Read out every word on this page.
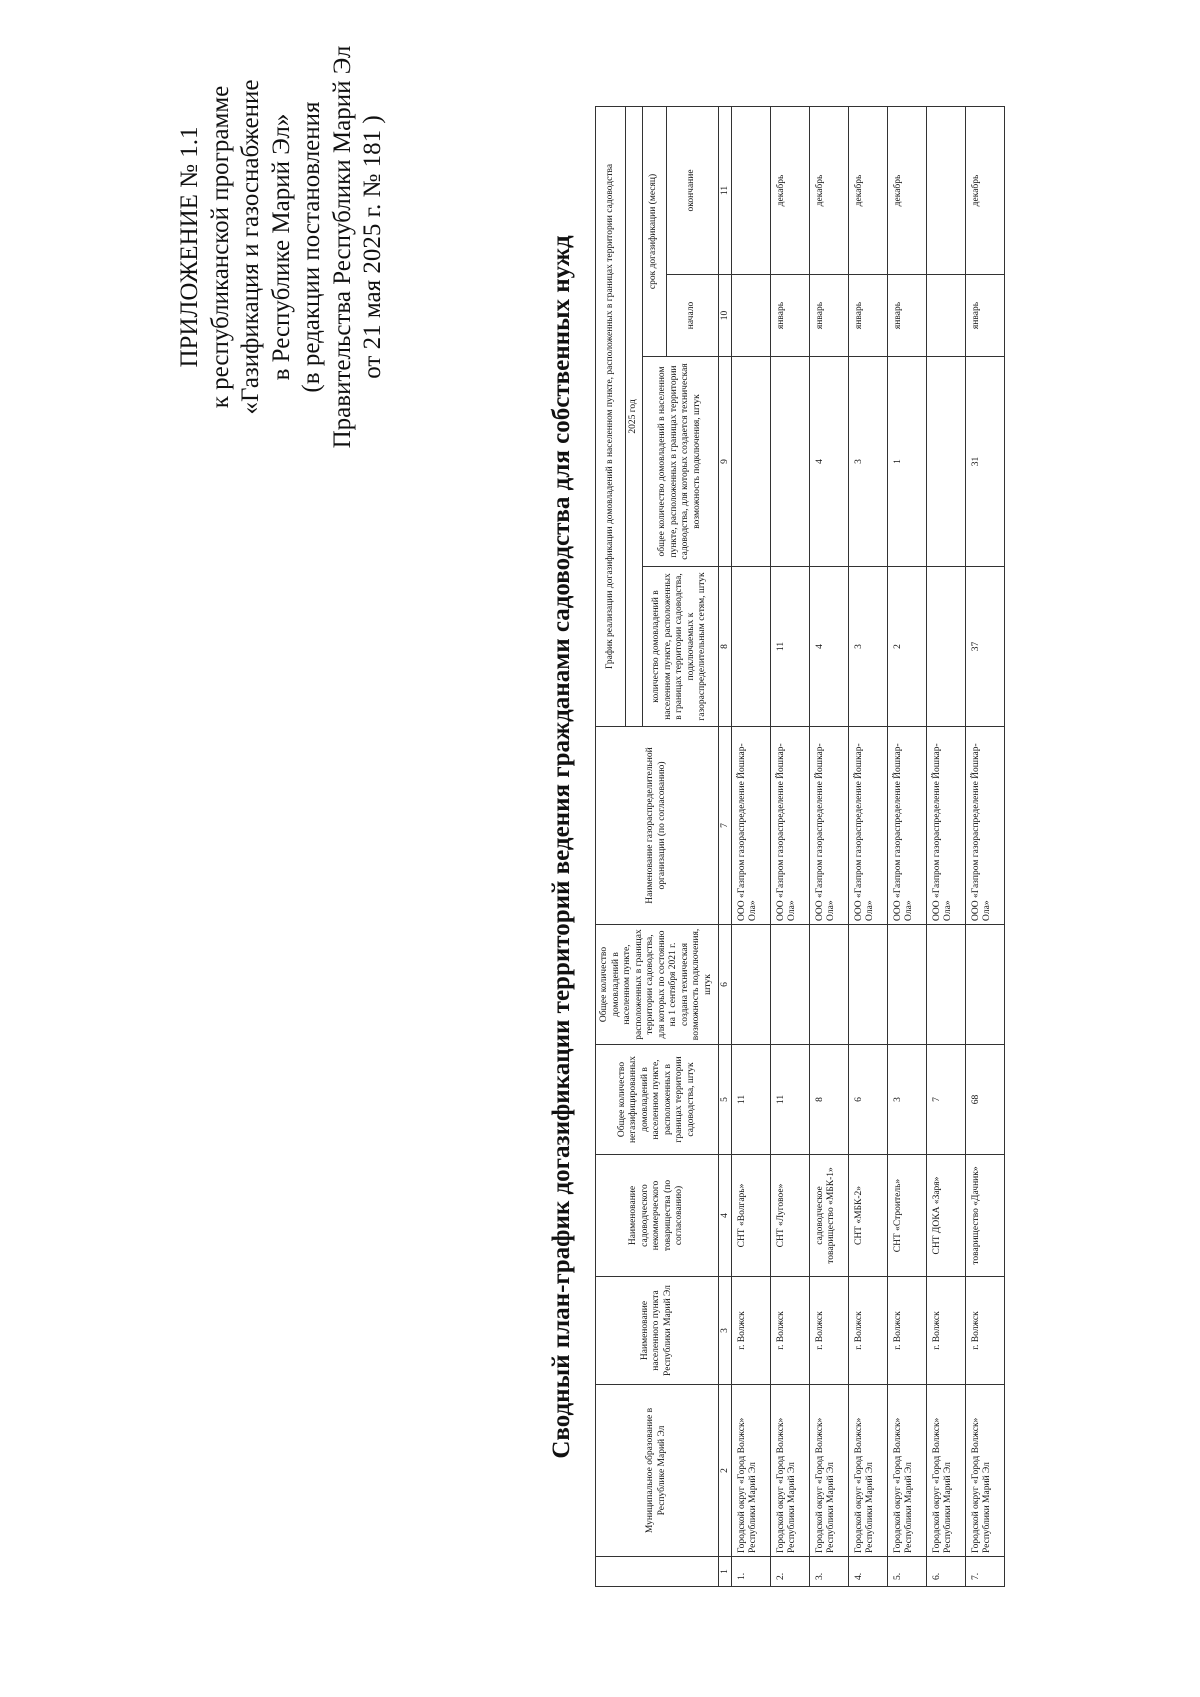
ПРИЛОЖЕНИЕ № 1.1 к республиканской программе «Газификация и газоснабжение в Республике Марий Эл» (в редакции постановления Правительства Республики Марий Эл от 21 мая 2025 г. № 181 )	Сводный план-график догазификации территорий ведения гражданами садоводства для собственных нужд
	Муниципальное образование в Республике Марий Эл	Наименование населенного пункта Республики Марий Эл	Наименование садоводческого некоммерческого товарищества (по согласованию)	Общее количество негазифицированных домовладений в населенном пункте, расположенных в границах территории садоводства, штук	Общее количество домовладений в населенном пункте, расположенных в границах территории садоводства, для которых по состоянию на 1 сентября 2021 г. создана техническая возможность подключения, штук	Наименование газораспределительной организации (по согласованию)	График реализации догазификации домовладений в населенном пункте, расположенных в границах территории садоводства			
							2025 год			
							количество домовладений в населенном пункте, расположенных в границах территории садоводства, подключаемых к газораспределительным сетям, штук	общее количество домовладений в населенном пункте, расположенных в границах территории садоводства, для которых создается техническая возможность подключения, штук	срок догазификации (месяц)	
									начало	окончание
1	2	3	4	5	6	7	8	9	10	11
1.	Городской округ «Город Волжск» Республики Марий Эл	г. Волжск	СНТ «Волгарь»	11		ООО «Газпром газораспределение Йошкар-Ола»				
2.	Городской округ «Город Волжск» Республики Марий Эл	г. Волжск	СНТ «Луговое»	11		ООО «Газпром газораспределение Йошкар-Ола»	11		январь	декабрь
3.	Городской округ «Город Волжск» Республики Марий Эл	г. Волжск	садоводческое товарищество «МБК-1»	8		ООО «Газпром газораспределение Йошкар-Ола»	4	4	январь	декабрь
4.	Городской округ «Город Волжск» Республики Марий Эл	г. Волжск	СНТ «МБК-2»	6		ООО «Газпром газораспределение Йошкар-Ола»	3	3	январь	декабрь
5.	Городской округ «Город Волжск» Республики Марий Эл	г. Волжск	СНТ «Строитель»	3		ООО «Газпром газораспределение Йошкар-Ола»	2	1	январь	декабрь
6.	Городской округ «Город Волжск» Республики Марий Эл	г. Волжск	СНТ ДОКА «Заря»	7		ООО «Газпром газораспределение Йошкар-Ола»				
7.	Городской округ «Город Волжск» Республики Марий Эл	г. Волжск	товарищество «Дачник»	68		ООО «Газпром газораспределение Йошкар-Ола»	37	31	январь	декабрь
